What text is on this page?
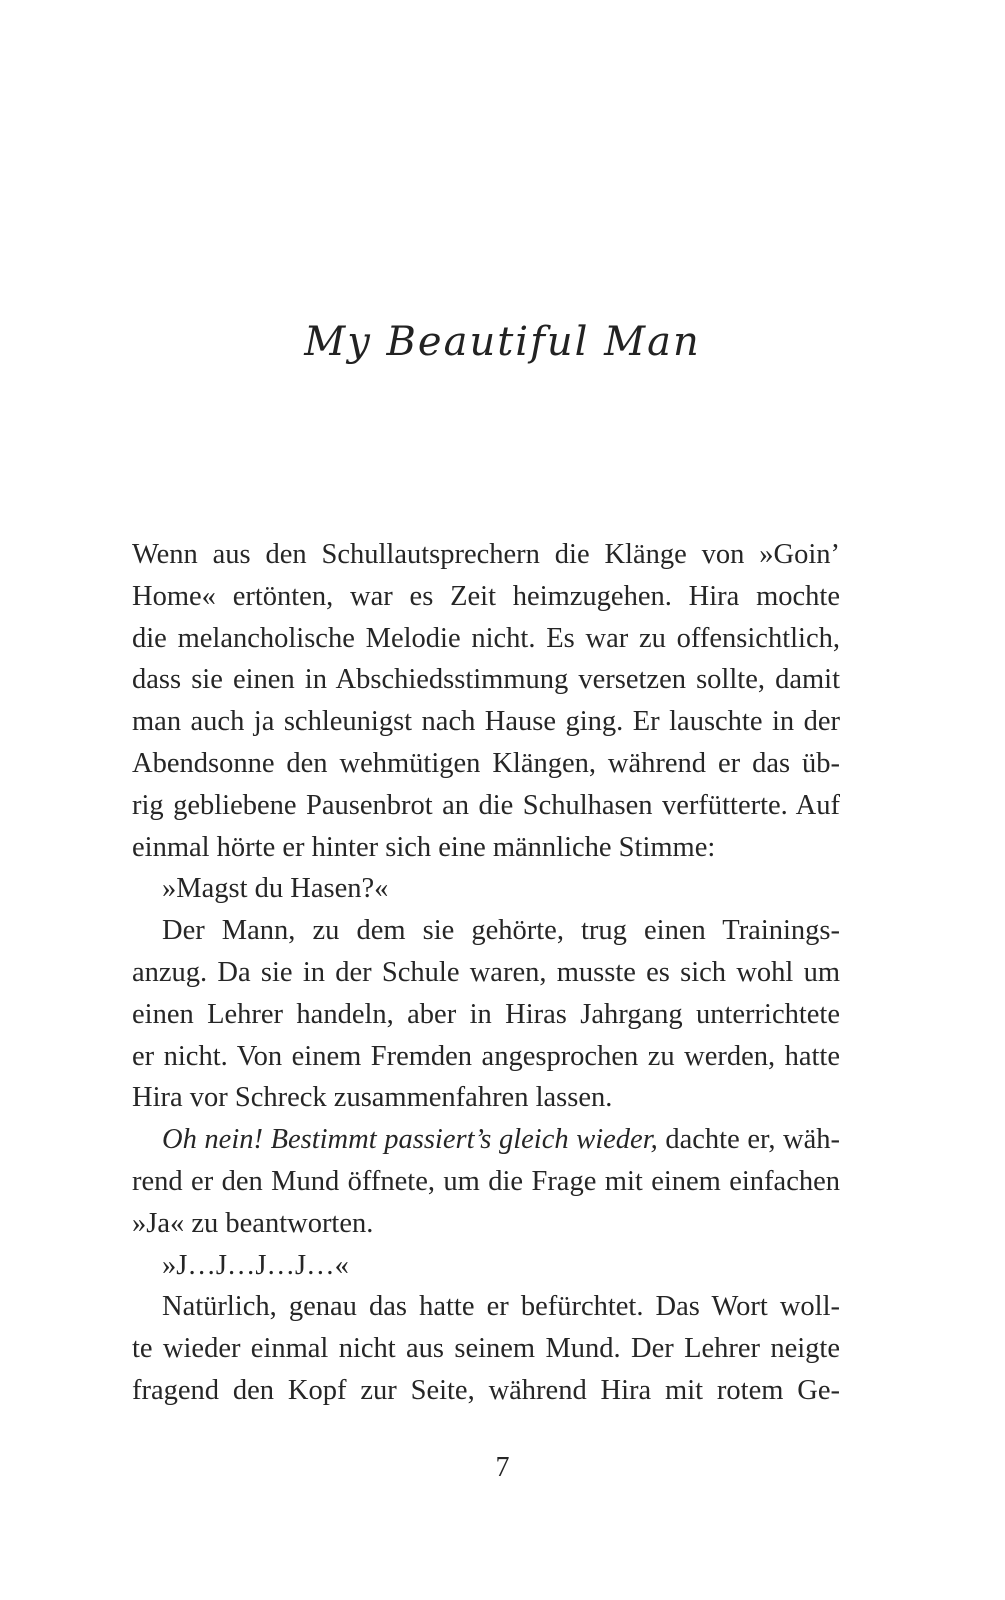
My Beautiful Man
Wenn aus den Schullautsprechern die Klänge von »Goin’
Home« ertönten, war es Zeit heimzugehen. Hira mochte
die melancholische Melodie nicht. Es war zu offensichtlich,
dass sie einen in Abschiedsstimmung versetzen sollte, damit
man auch ja schleunigst nach Hause ging. Er lauschte in der
Abendsonne den wehmütigen Klängen, während er das üb-
rig gebliebene Pausenbrot an die Schulhasen verfütterte. Auf
einmal hörte er hinter sich eine männliche Stimme:
»Magst du Hasen?«
Der Mann, zu dem sie gehörte, trug einen Trainings-
anzug. Da sie in der Schule waren, musste es sich wohl um
einen Lehrer handeln, aber in Hiras Jahrgang unterrichtete
er nicht. Von einem Fremden angesprochen zu werden, hatte
Hira vor Schreck zusammenfahren lassen.
Oh nein! Bestimmt passiert’s gleich wieder, dachte er, wäh-
rend er den Mund öffnete, um die Frage mit einem einfachen
»Ja« zu beantworten.
»J…J…J…J…«
Natürlich, genau das hatte er befürchtet. Das Wort woll-
te wieder einmal nicht aus seinem Mund. Der Lehrer neigte
fragend den Kopf zur Seite, während Hira mit rotem Ge-
7
